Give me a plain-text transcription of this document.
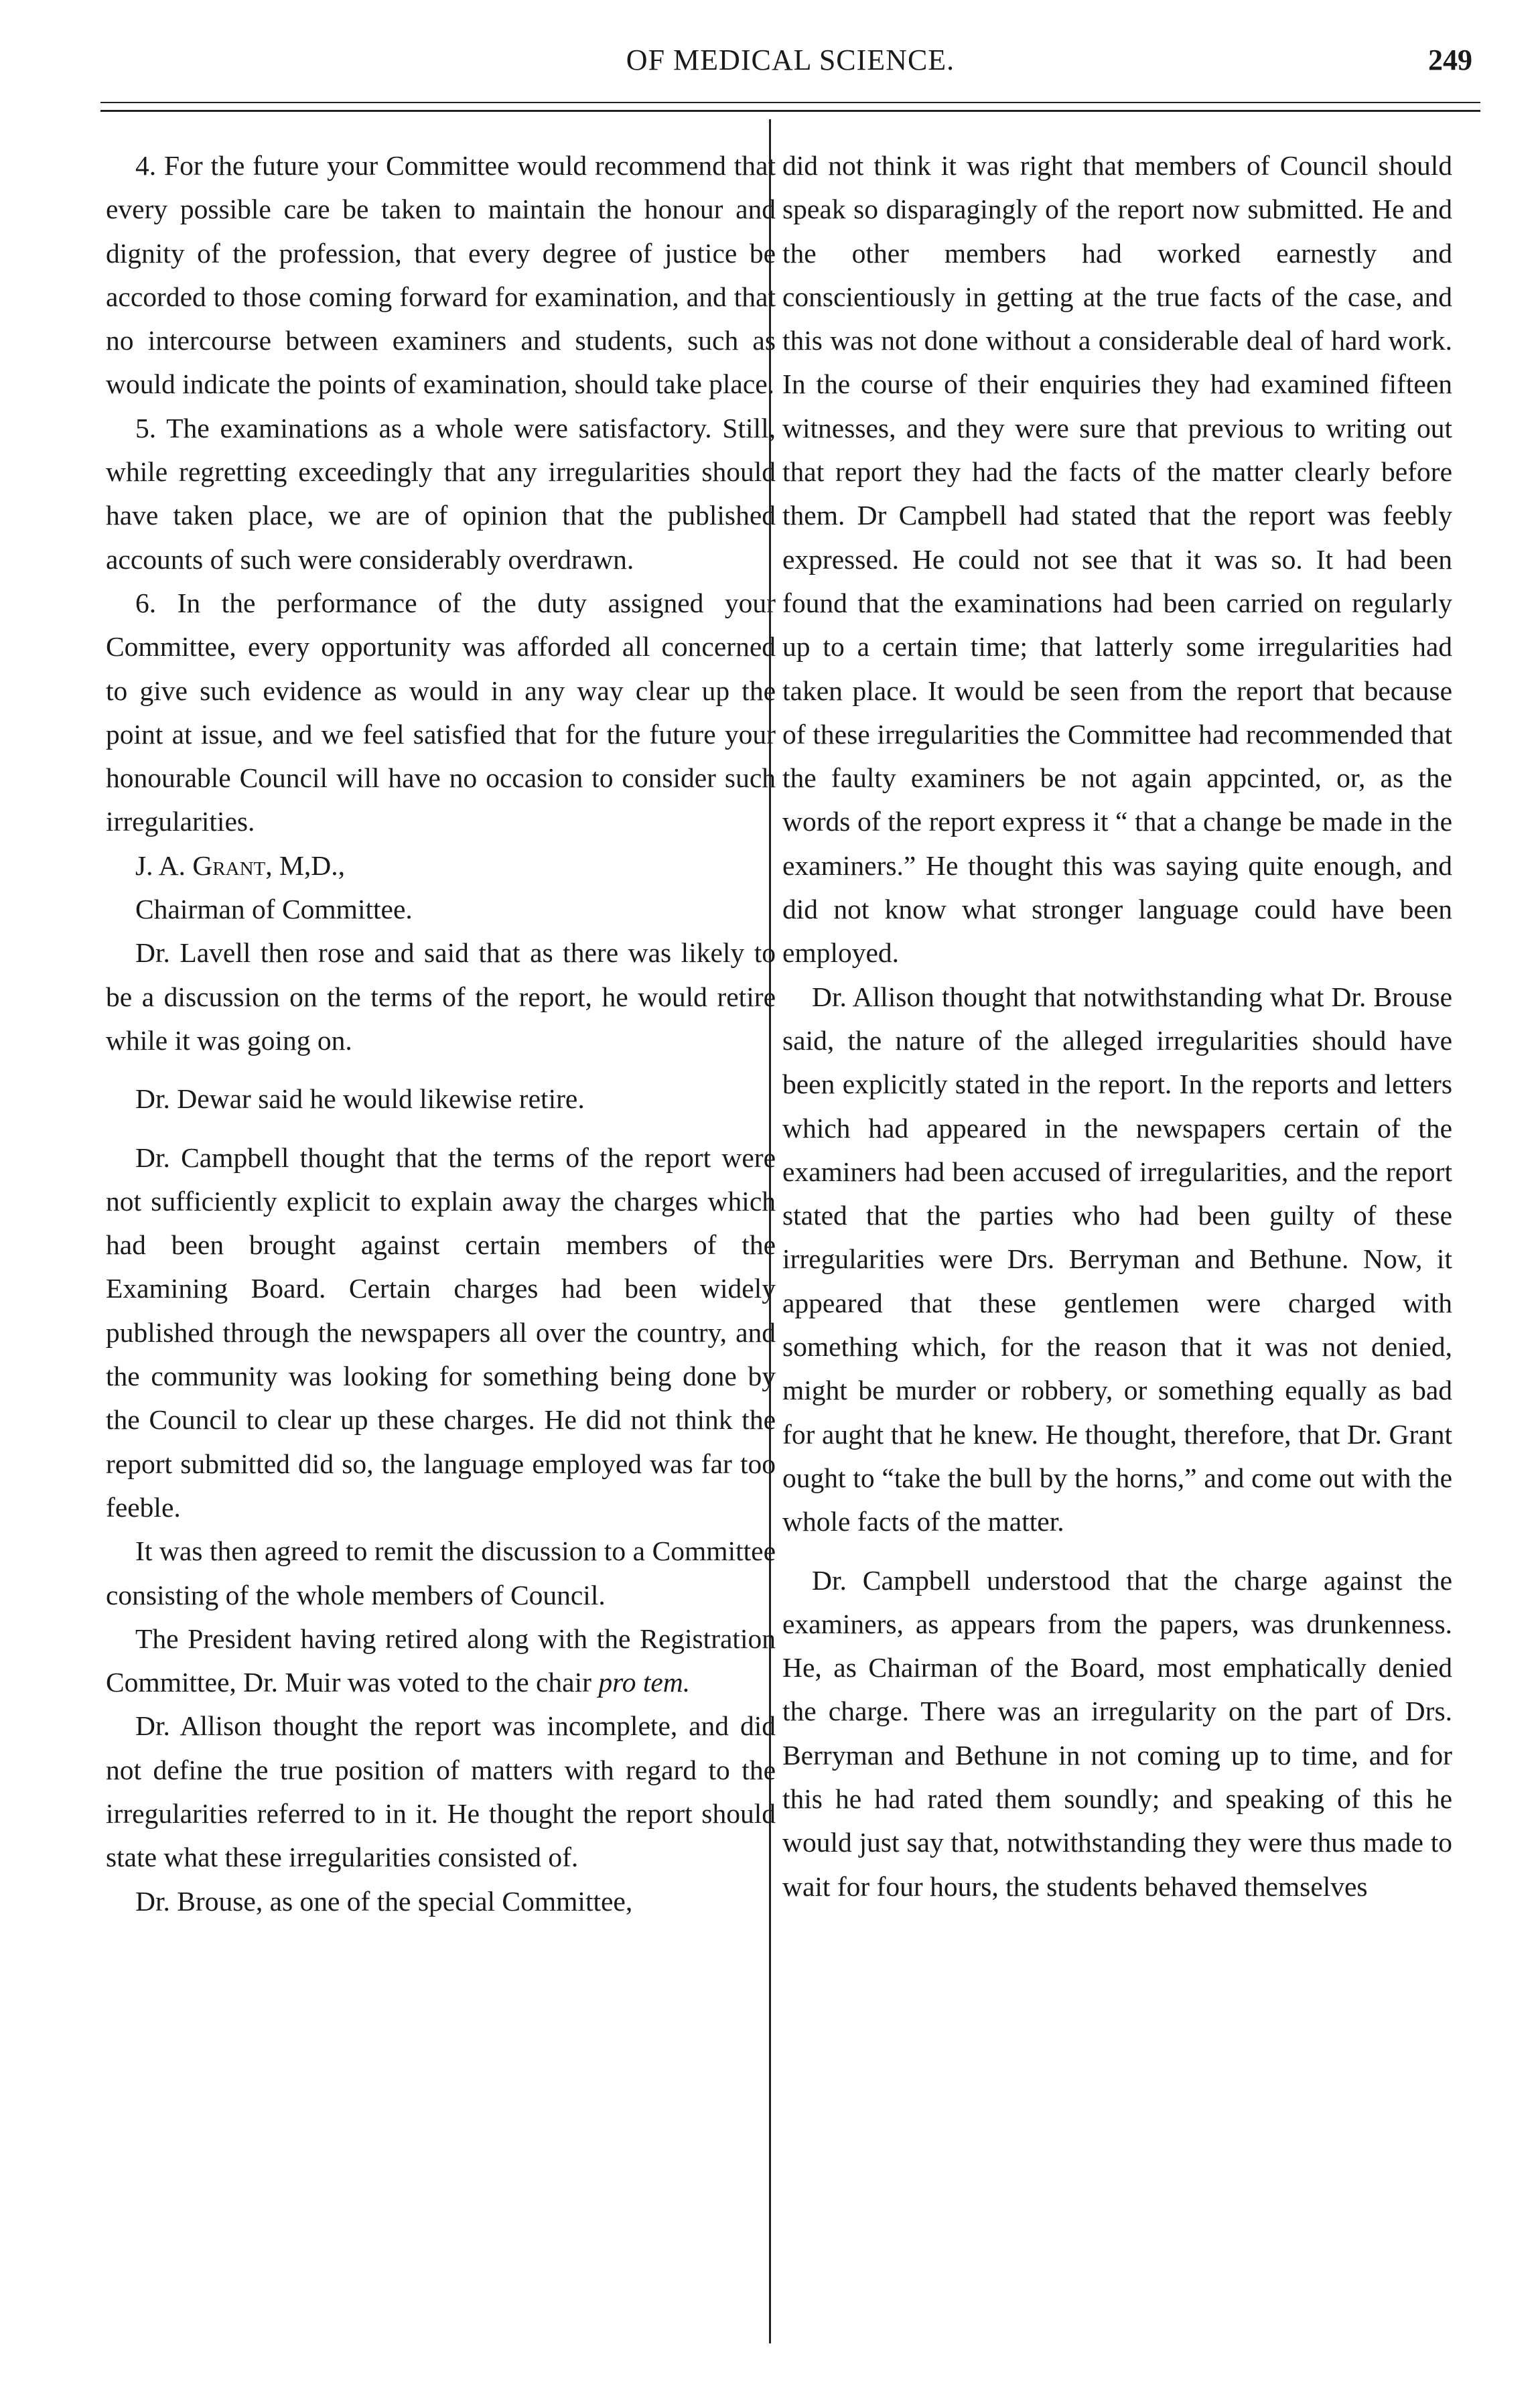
OF MEDICAL SCIENCE.	249

4. For the future your Committee would recommend that every possible care be taken to maintain the honour and dignity of the profession, that every degree of justice be accorded to those coming forward for examination, and that no intercourse between examiners and students, such as would indicate the points of examination, should take place.

5. The examinations as a whole were satisfactory. Still, while regretting exceedingly that any irregularities should have taken place, we are of opinion that the published accounts of such were considerably overdrawn.

6. In the performance of the duty assigned your Committee, every opportunity was afforded all concerned to give such evidence as would in any way clear up the point at issue, and we feel satisfied that for the future your honourable Council will have no occasion to consider such irregularities.

J. A. Grant, M,D.,

Chairman of Committee.

Dr. Lavell then rose and said that as there was likely to be a discussion on the terms of the report, he would retire while it was going on.

Dr. Dewar said he would likewise retire.

Dr. Campbell thought that the terms of the report were not sufficiently explicit to explain away the charges which had been brought against certain members of the Examining Board. Certain charges had been widely published through the newspapers all over the country, and the community was looking for something being done by the Council to clear up these charges. He did not think the report submitted did so, the language employed was far too feeble.

It was then agreed to remit the discussion to a Committee consisting of the whole members of Council.

The President having retired along with the Registration Committee, Dr. Muir was voted to the chair pro tem.

Dr. Allison thought the report was incomplete, and did not define the true position of matters with regard to the irregularities referred to in it. He thought the report should state what these irregularities consisted of.

Dr. Brouse, as one of the special Committee,

did not think it was right that members of Council should speak so disparagingly of the report now submitted. He and the other members had worked earnestly and conscientiously in getting at the true facts of the case, and this was not done without a considerable deal of hard work. In the course of their enquiries they had examined fifteen witnesses, and they were sure that previous to writing out that report they had the facts of the matter clearly before them. Dr Campbell had stated that the report was feebly expressed. He could not see that it was so. It had been found that the examinations had been carried on regularly up to a certain time; that latterly some irregularities had taken place. It would be seen from the report that because of these irregularities the Committee had recommended that the faulty examiners be not again appcinted, or, as the words of the report express it “ that a change be made in the examiners.” He thought this was saying quite enough, and did not know what stronger language could have been employed.

Dr. Allison thought that notwithstanding what Dr. Brouse said, the nature of the alleged irregularities should have been explicitly stated in the report. In the reports and letters which had appeared in the newspapers certain of the examiners had been accused of irregularities, and the report stated that the parties who had been guilty of these irregularities were Drs. Berryman and Bethune. Now, it appeared that these gentlemen were charged with something which, for the reason that it was not denied, might be murder or robbery, or something equally as bad for aught that he knew. He thought, therefore, that Dr. Grant ought to “take the bull by the horns,” and come out with the whole facts of the matter.

Dr. Campbell understood that the charge against the examiners, as appears from the papers, was drunkenness. He, as Chairman of the Board, most emphatically denied the charge. There was an irregularity on the part of Drs. Berryman and Bethune in not coming up to time, and for this he had rated them soundly; and speaking of this he would just say that, notwithstanding they were thus made to wait for four hours, the students behaved themselves
